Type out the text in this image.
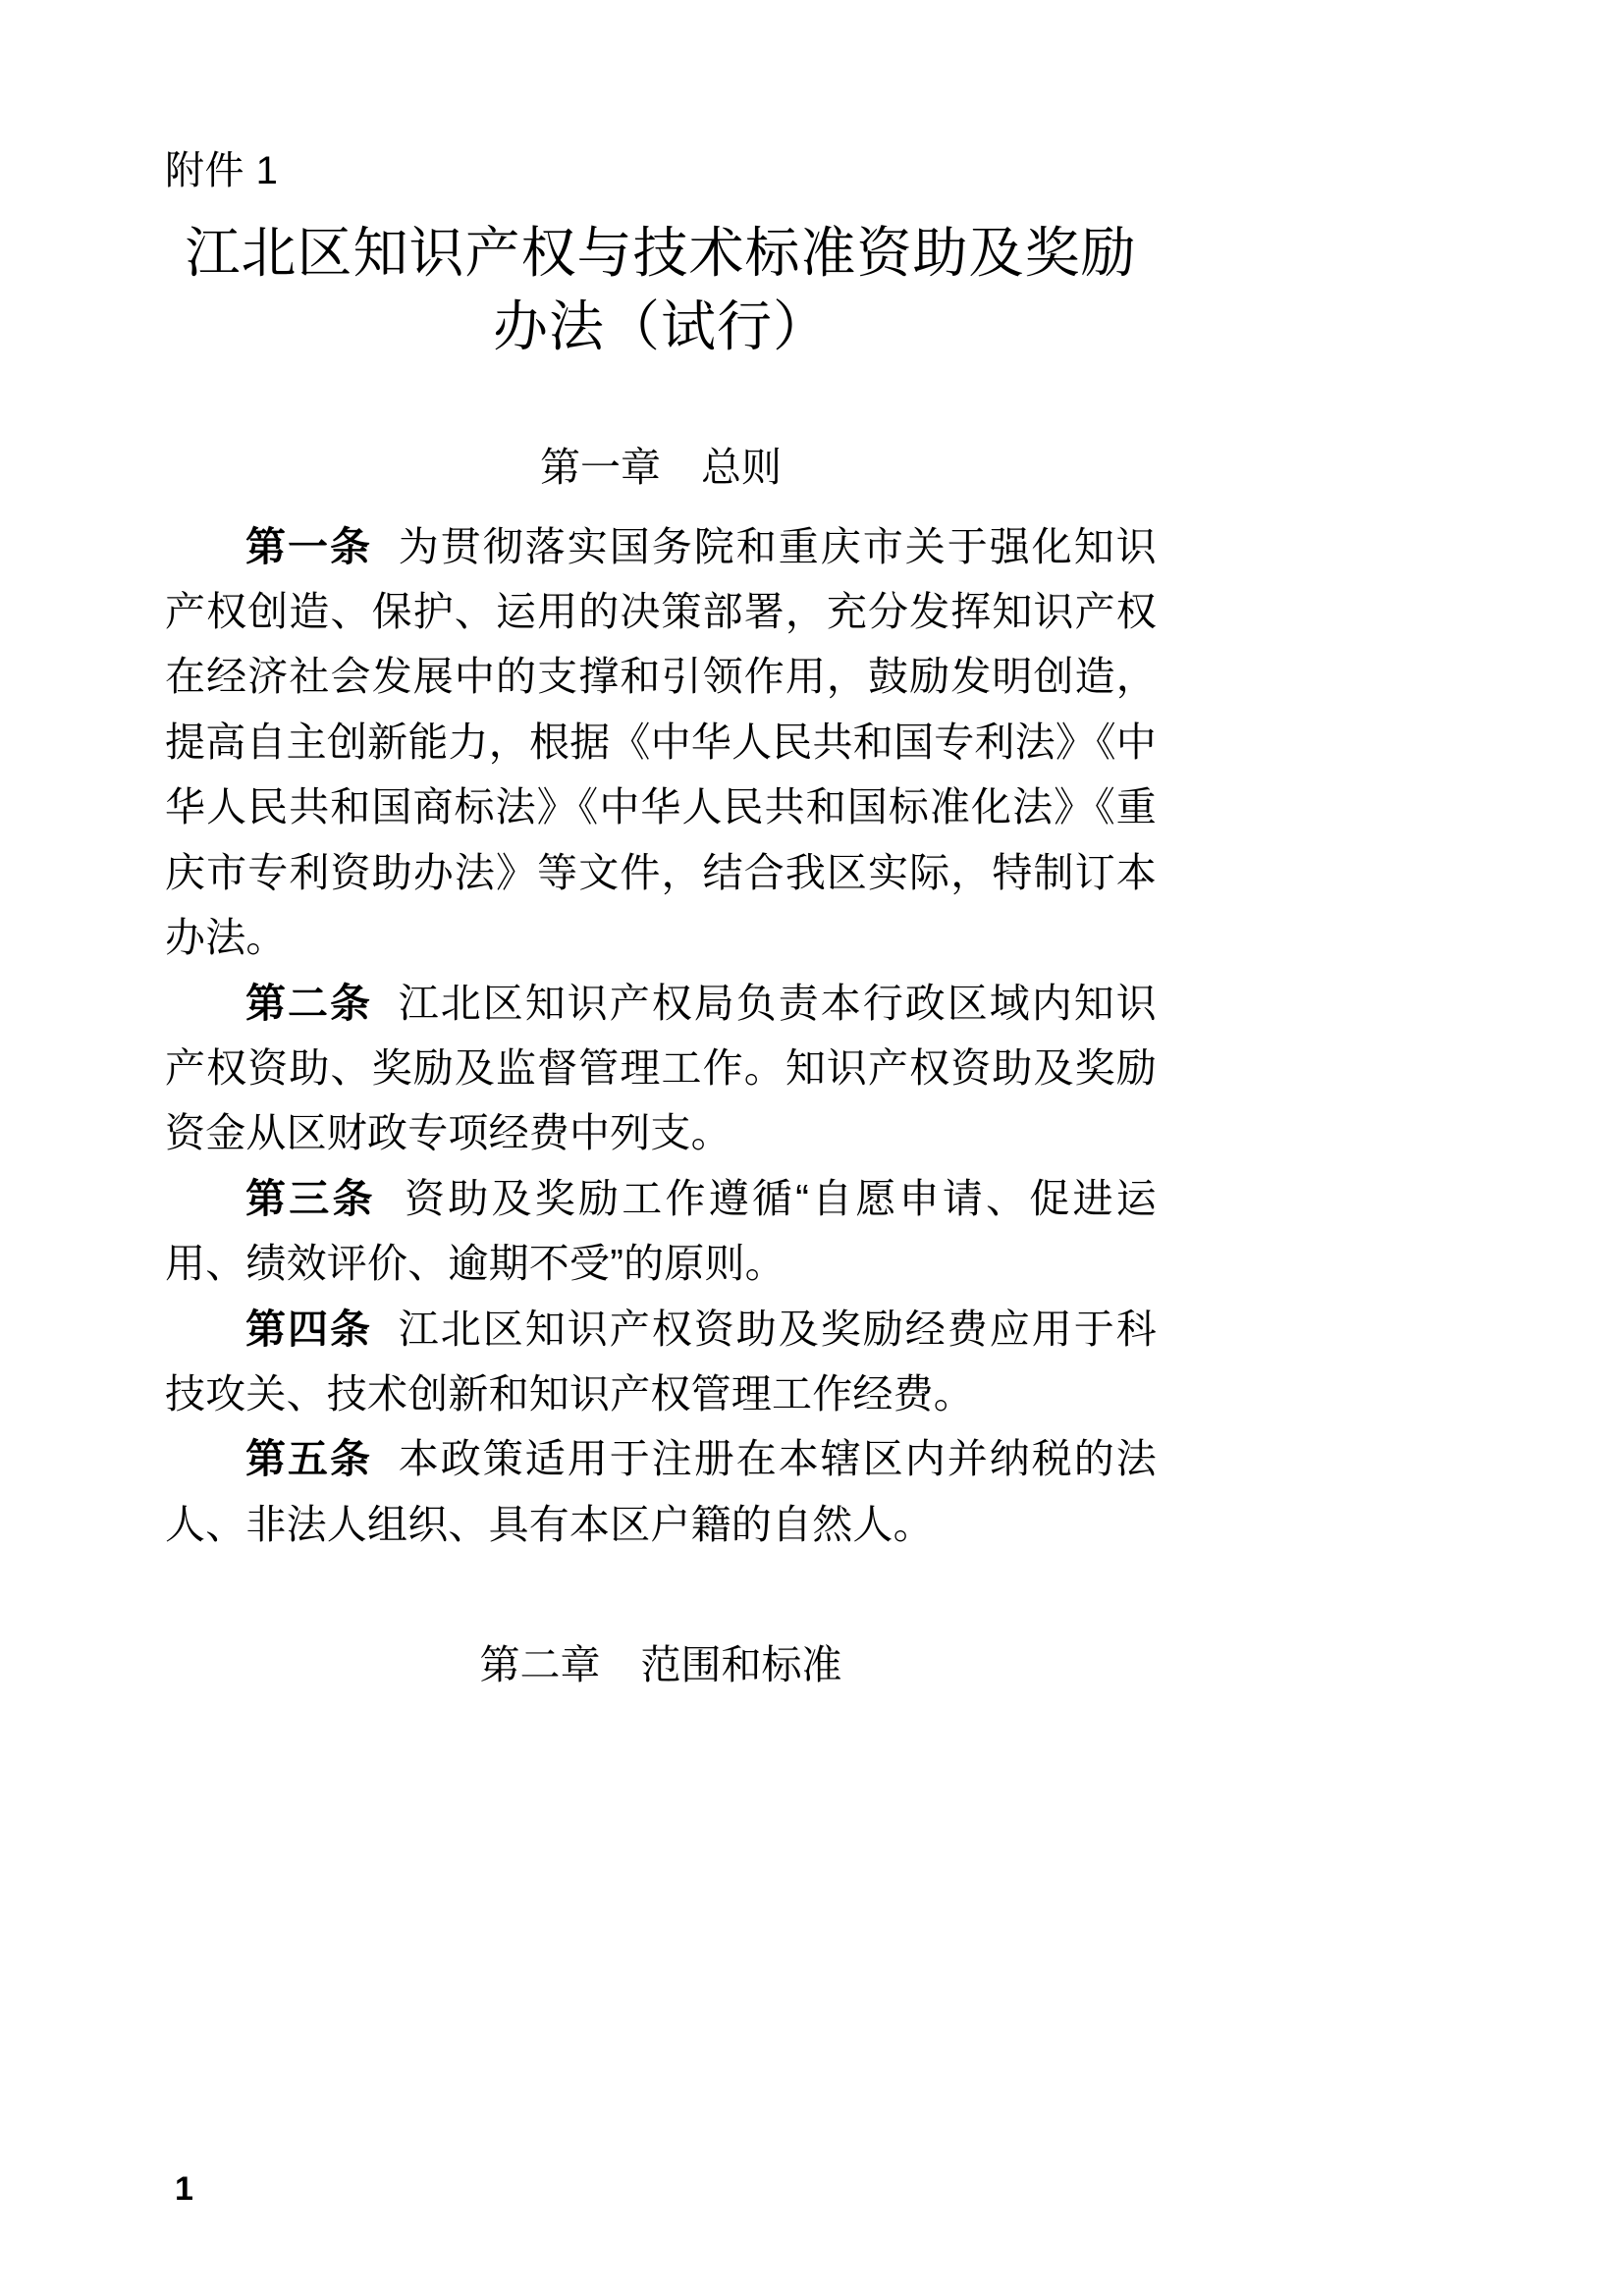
附件 1
江北区知识产权与技术标准资助及奖励
办法（试行）
第一章　总则

第一条 为贯彻落实国务院和重庆市关于强化知识产权创造、保护、运用的决策部署，充分发挥知识产权在经济社会发展中的支撑和引领作用，鼓励发明创造，提高自主创新能力，根据《中华人民共和国专利法》《中华人民共和国商标法》《中华人民共和国标准化法》《重庆市专利资助办法》等文件，结合我区实际，特制订本办法。

第二条 江北区知识产权局负责本行政区域内知识产权资助、奖励及监督管理工作。知识产权资助及奖励资金从区财政专项经费中列支。

第三条 资助及奖励工作遵循“自愿申请、促进运用、绩效评价、逾期不受”的原则。

第四条 江北区知识产权资助及奖励经费应用于科技攻关、技术创新和知识产权管理工作经费。

第五条 本政策适用于注册在本辖区内并纳税的法人、非法人组织、具有本区户籍的自然人。

第二章　范围和标准
1
